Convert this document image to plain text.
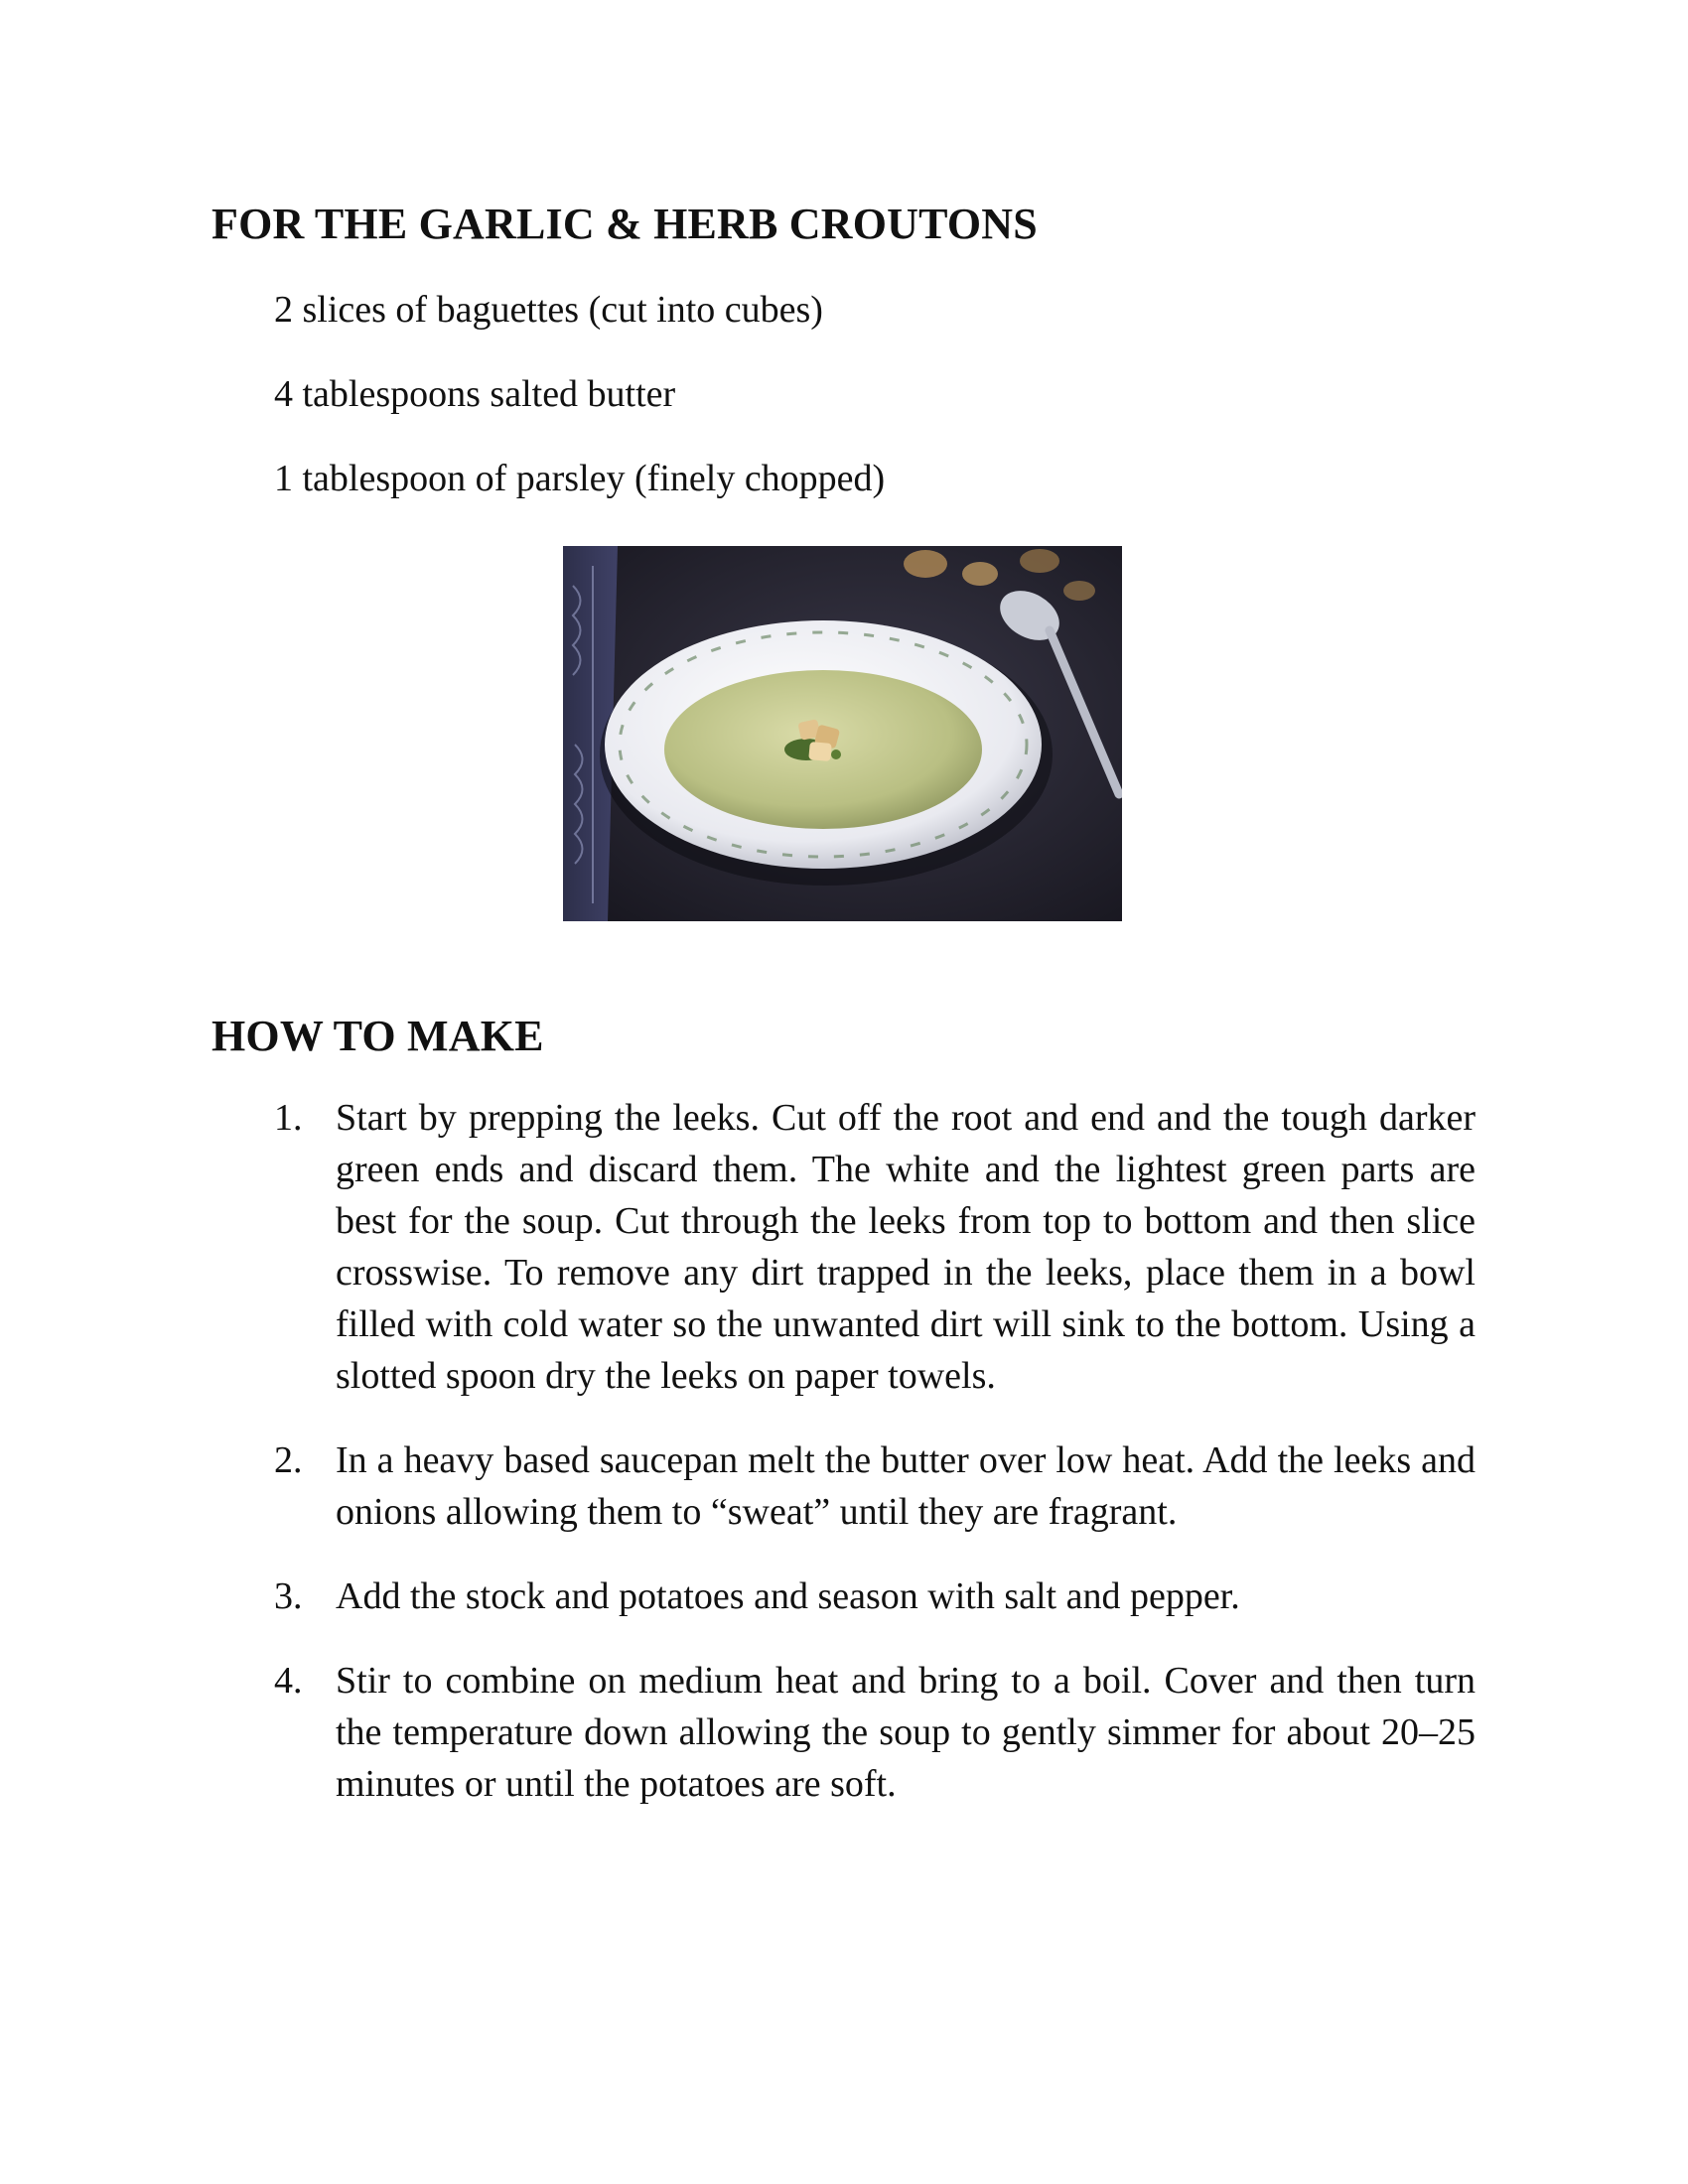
FOR THE GARLIC & HERB CROUTONS
2 slices of baguettes (cut into cubes)
4 tablespoons salted butter
1 tablespoon of parsley (finely chopped)
HOW TO MAKE
1. Start by prepping the leeks. Cut off the root and end and the tough darker green ends and discard them. The white and the lightest green parts are best for the soup. Cut through the leeks from top to bottom and then slice crosswise. To remove any dirt trapped in the leeks, place them in a bowl filled with cold water so the unwanted dirt will sink to the bottom. Using a slotted spoon dry the leeks on paper towels.
2. In a heavy based saucepan melt the butter over low heat. Add the leeks and onions allowing them to “sweat” until they are fragrant.
3. Add the stock and potatoes and season with salt and pepper.
4. Stir to combine on medium heat and bring to a boil. Cover and then turn the temperature down allowing the soup to gently simmer for about 20–25 minutes or until the potatoes are soft.
